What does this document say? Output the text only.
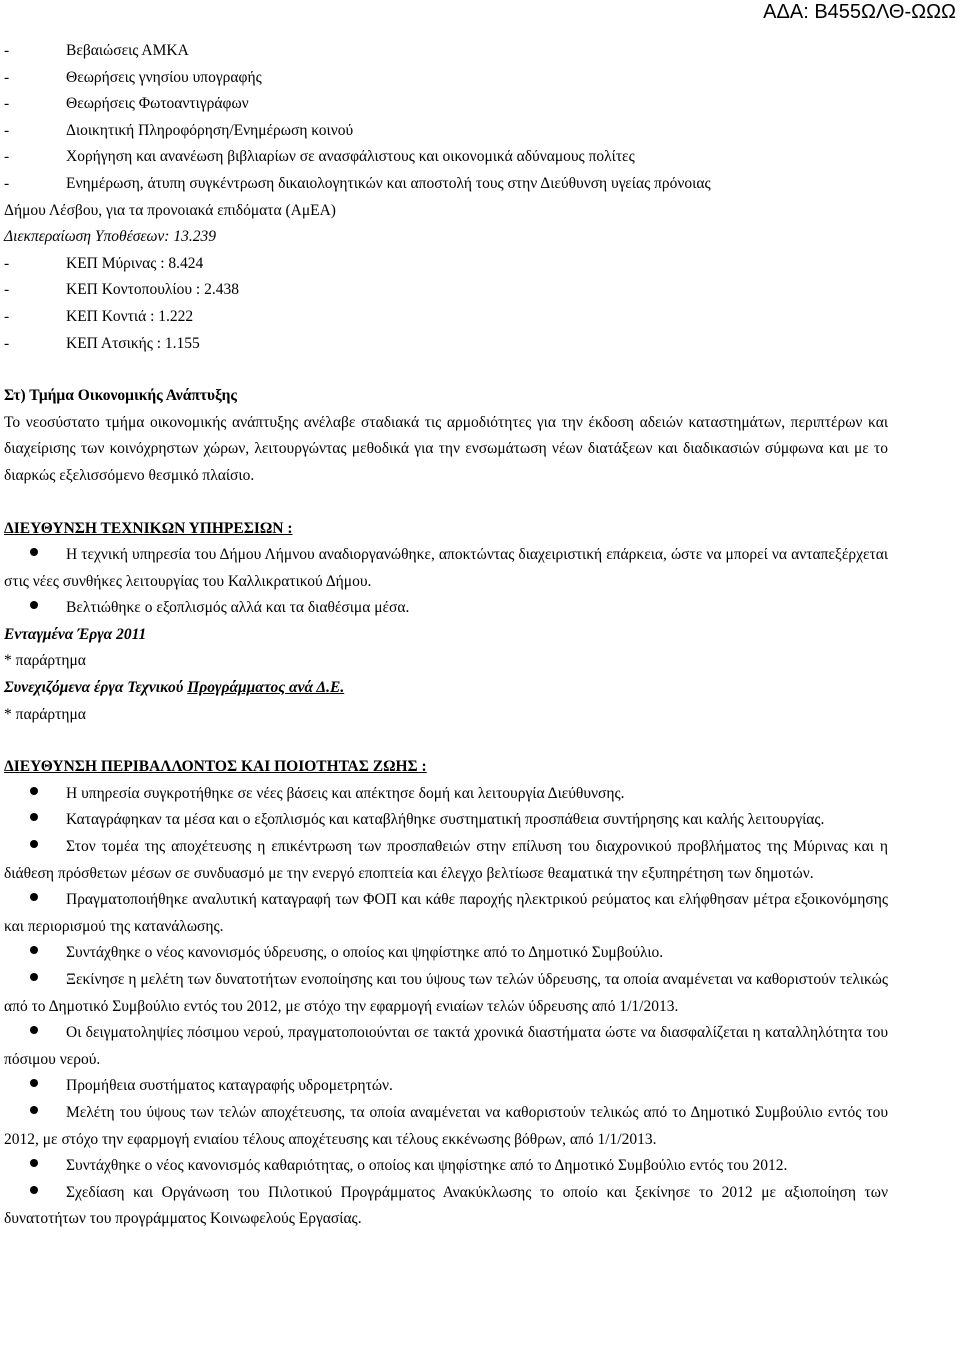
ΑΔΑ: Β455ΩΛΘ-ΩΩΩ
-	Βεβαιώσεις ΑΜΚΑ
-	Θεωρήσεις γνησίου υπογραφής
-	Θεωρήσεις Φωτοαντιγράφων
-	Διοικητική Πληροφόρηση/Ενημέρωση κοινού
-	Χορήγηση και ανανέωση βιβλιαρίων σε ανασφάλιστους και οικονομικά αδύναμους πολίτες
-	Ενημέρωση, άτυπη συγκέντρωση δικαιολογητικών και αποστολή τους στην Διεύθυνση υγείας πρόνοιας
Δήμου Λέσβου, για τα προνοιακά επιδόματα (ΑμΕΑ)
Διεκπεραίωση Υποθέσεων: 13.239
-	ΚΕΠ Μύρινας : 8.424
-	ΚΕΠ Κοντοπουλίου : 2.438
-	ΚΕΠ Κοντιά : 1.222
-	ΚΕΠ Ατσικής : 1.155
Στ) Τμήμα Οικονομικής Ανάπτυξης
Το νεοσύστατο τμήμα οικονομικής ανάπτυξης ανέλαβε σταδιακά τις αρμοδιότητες για την έκδοση αδειών καταστημάτων, περιπτέρων και διαχείρισης των κοινόχρηστων χώρων, λειτουργώντας μεθοδικά για την ενσωμάτωση νέων διατάξεων και διαδικασιών σύμφωνα και με το διαρκώς εξελισσόμενο θεσμικό πλαίσιο.
ΔΙΕΥΘΥΝΣΗ ΤΕΧΝΙΚΩΝ ΥΠΗΡΕΣΙΩΝ :
Η τεχνική υπηρεσία του Δήμου Λήμνου αναδιοργανώθηκε, αποκτώντας διαχειριστική επάρκεια, ώστε να μπορεί να ανταπεξέρχεται στις νέες συνθήκες λειτουργίας του Καλλικρατικού Δήμου.
Βελτιώθηκε ο εξοπλισμός αλλά και τα διαθέσιμα μέσα.
Ενταγμένα Έργα 2011
* παράρτημα
Συνεχιζόμενα έργα Τεχνικού Προγράμματος ανά Δ.Ε.
* παράρτημα
ΔΙΕΥΘΥΝΣΗ ΠΕΡΙΒΑΛΛΟΝΤΟΣ ΚΑΙ ΠΟΙΟΤΗΤΑΣ ΖΩΗΣ :
Η υπηρεσία συγκροτήθηκε σε νέες βάσεις και απέκτησε δομή και λειτουργία Διεύθυνσης.
Καταγράφηκαν τα μέσα και ο εξοπλισμός και καταβλήθηκε συστηματική προσπάθεια συντήρησης και καλής λειτουργίας.
Στον τομέα της αποχέτευσης η επικέντρωση των προσπαθειών στην επίλυση του διαχρονικού προβλήματος της Μύρινας και η διάθεση πρόσθετων μέσων σε συνδυασμό με την ενεργό εποπτεία και έλεγχο βελτίωσε θεαματικά την εξυπηρέτηση των δημοτών.
Πραγματοποιήθηκε αναλυτική καταγραφή των ΦΟΠ και κάθε παροχής ηλεκτρικού ρεύματος και ελήφθησαν μέτρα εξοικονόμησης και περιορισμού της κατανάλωσης.
Συντάχθηκε ο νέος κανονισμός ύδρευσης, ο οποίος και ψηφίστηκε από το Δημοτικό Συμβούλιο.
Ξεκίνησε η μελέτη των δυνατοτήτων ενοποίησης και του ύψους των τελών ύδρευσης, τα οποία αναμένεται να καθοριστούν τελικώς από το Δημοτικό Συμβούλιο εντός του 2012, με στόχο την εφαρμογή ενιαίων τελών ύδρευσης από 1/1/2013.
Οι δειγματοληψίες πόσιμου νερού, πραγματοποιούνται σε τακτά χρονικά διαστήματα ώστε να διασφαλίζεται η καταλληλότητα του πόσιμου νερού.
Προμήθεια συστήματος καταγραφής υδρομετρητών.
Μελέτη του ύψους των τελών αποχέτευσης, τα οποία αναμένεται να καθοριστούν τελικώς από το Δημοτικό Συμβούλιο εντός του 2012, με στόχο την εφαρμογή ενιαίου τέλους αποχέτευσης και τέλους εκκένωσης βόθρων, από 1/1/2013.
Συντάχθηκε ο νέος κανονισμός καθαριότητας, ο οποίος και ψηφίστηκε από το Δημοτικό Συμβούλιο εντός του 2012.
Σχεδίαση και Οργάνωση του Πιλοτικού Προγράμματος Ανακύκλωσης το οποίο και ξεκίνησε το 2012 με αξιοποίηση των δυνατοτήτων του προγράμματος Κοινωφελούς Εργασίας.
